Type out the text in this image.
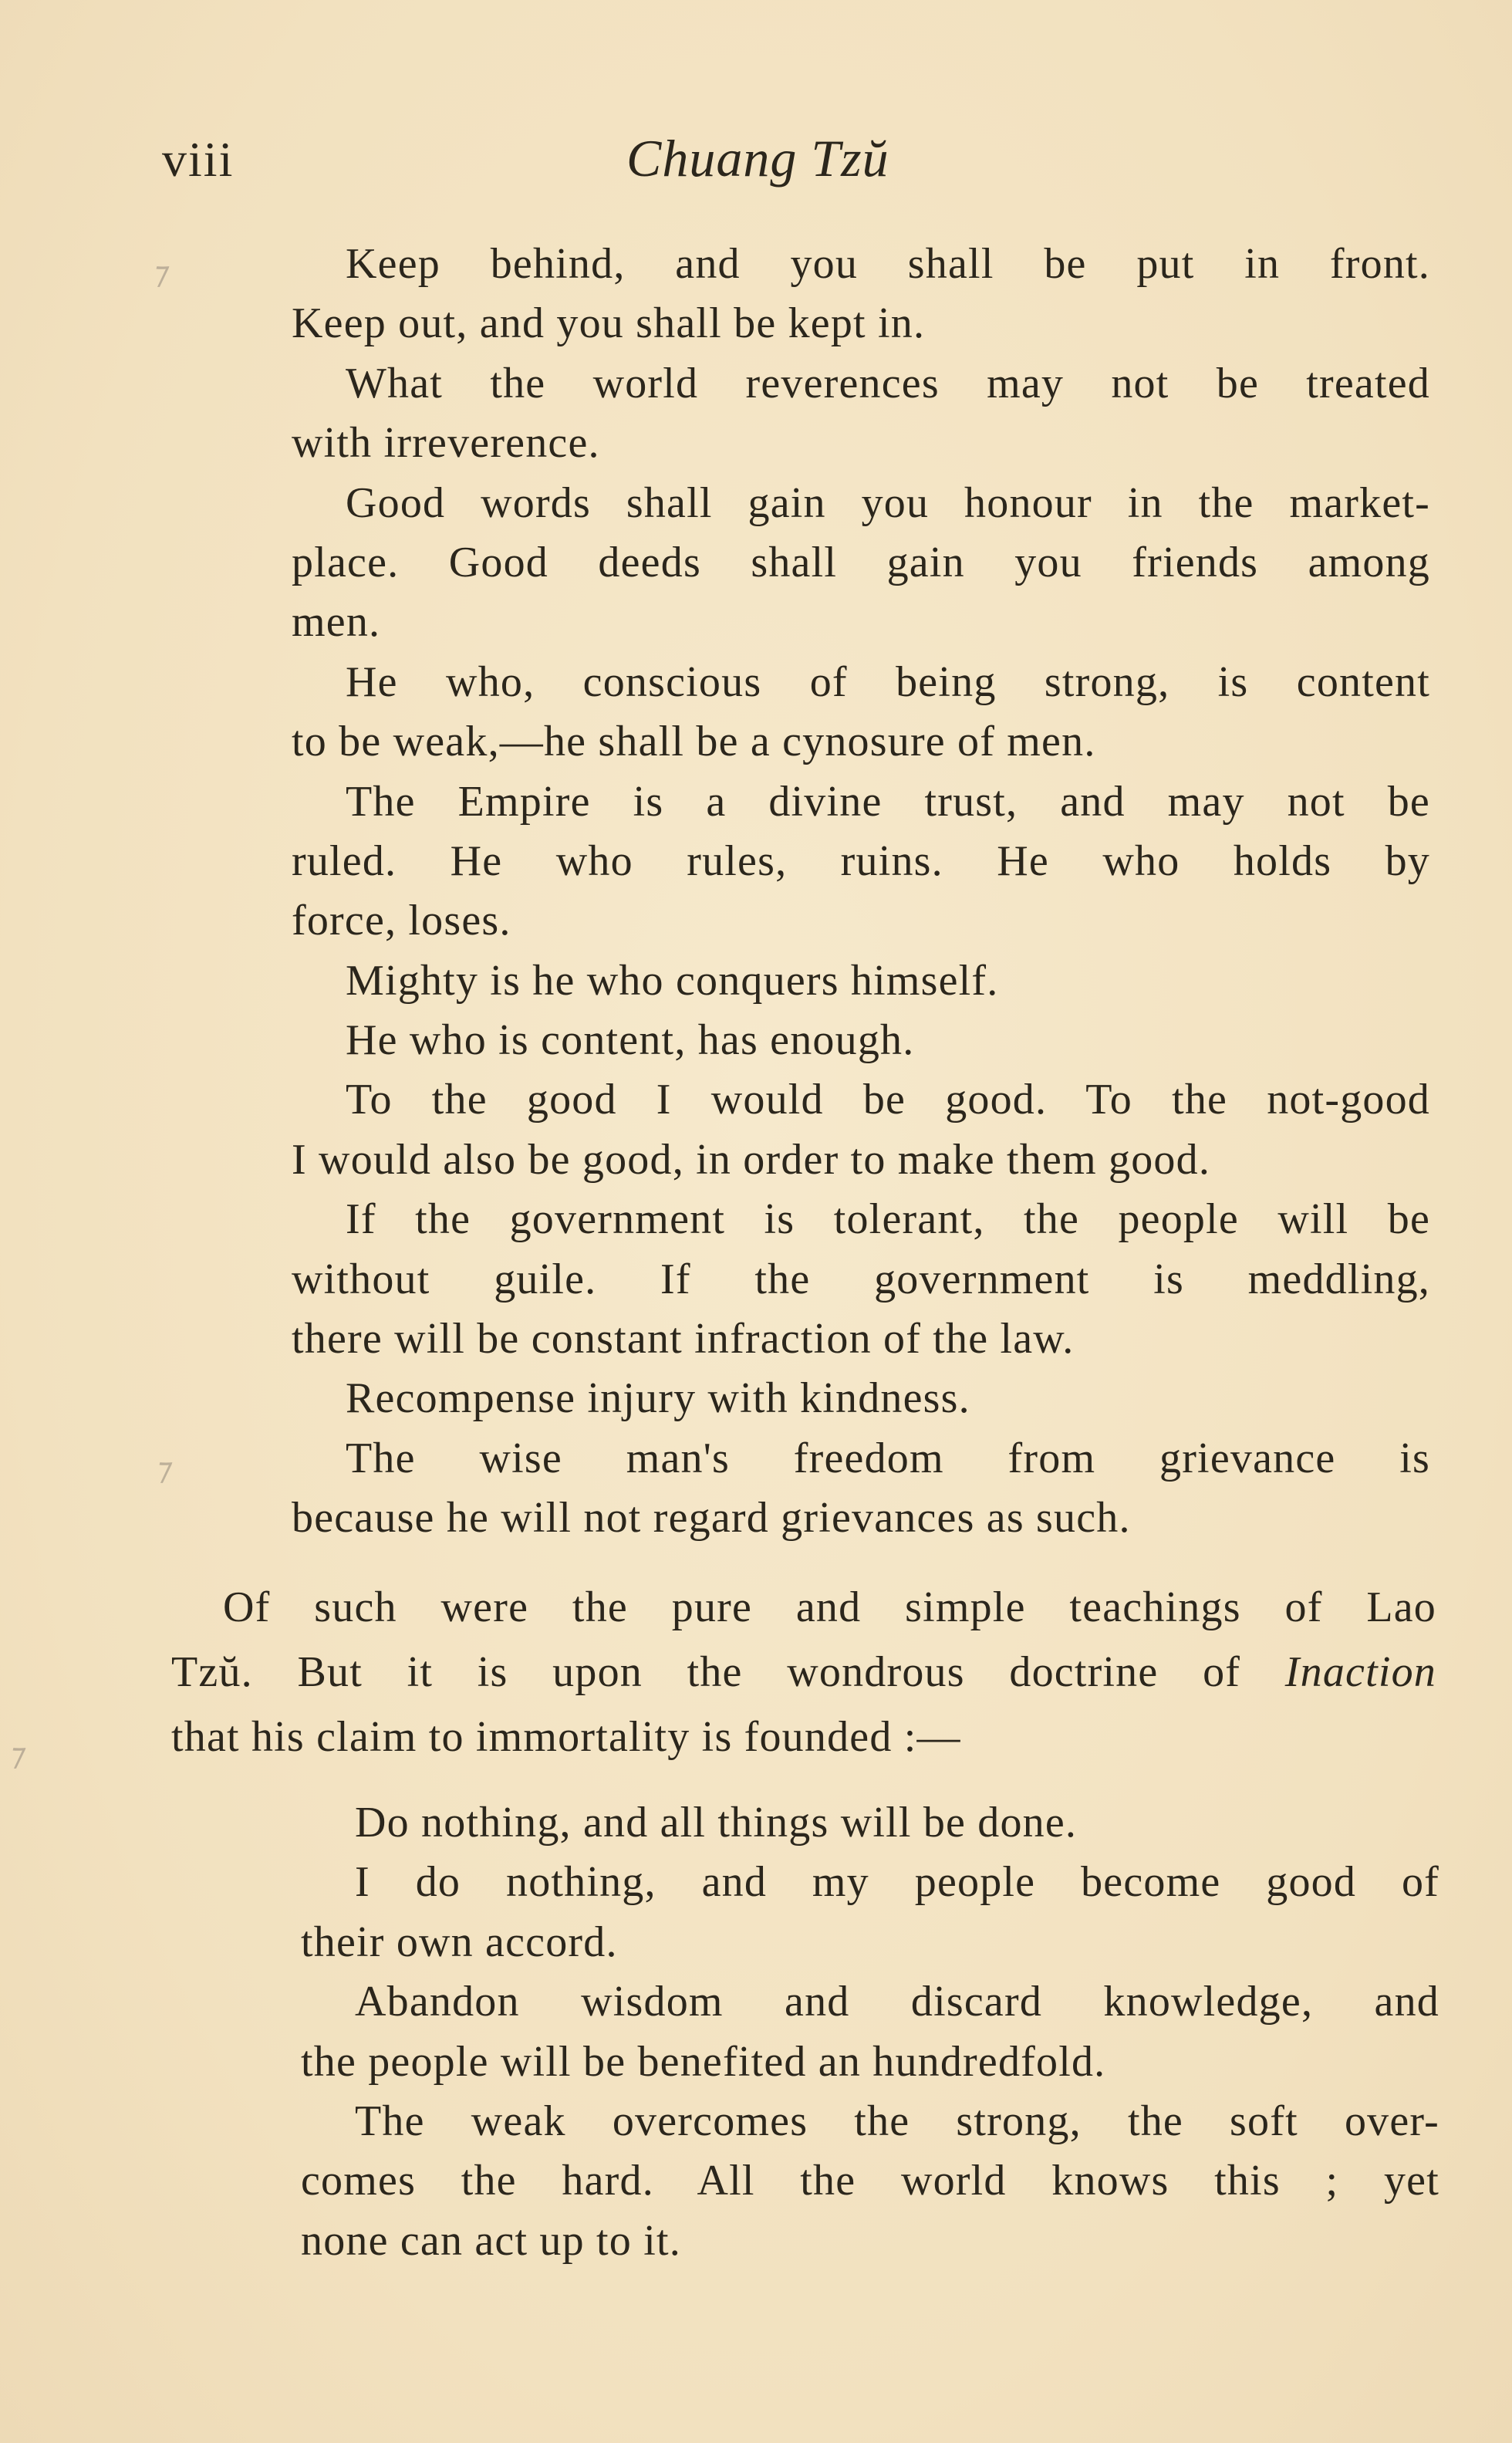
viii	Chuang Tzŭ
Keep behind, and you shall be put in front.
Keep out, and you shall be kept in.
What the world reverences may not be treated
with irreverence.
Good words shall gain you honour in the market-
place. Good deeds shall gain you friends among
men.
He who, conscious of being strong, is content
to be weak,—he shall be a cynosure of men.
The Empire is a divine trust, and may not be
ruled. He who rules, ruins. He who holds by
force, loses.
Mighty is he who conquers himself.
He who is content, has enough.
To the good I would be good. To the not-good
I would also be good, in order to make them good.
If the government is tolerant, the people will be
without guile. If the government is meddling,
there will be constant infraction of the law.
Recompense injury with kindness.
The wise man's freedom from grievance is
because he will not regard grievances as such.
Of such were the pure and simple teachings of Lao
Tzŭ. But it is upon the wondrous doctrine of Inaction
that his claim to immortality is founded :—
Do nothing, and all things will be done.
I do nothing, and my people become good of
their own accord.
Abandon wisdom and discard knowledge, and
the people will be benefited an hundredfold.
The weak overcomes the strong, the soft over-
comes the hard. All the world knows this ; yet
none can act up to it.
⁊
⁊
⁊
